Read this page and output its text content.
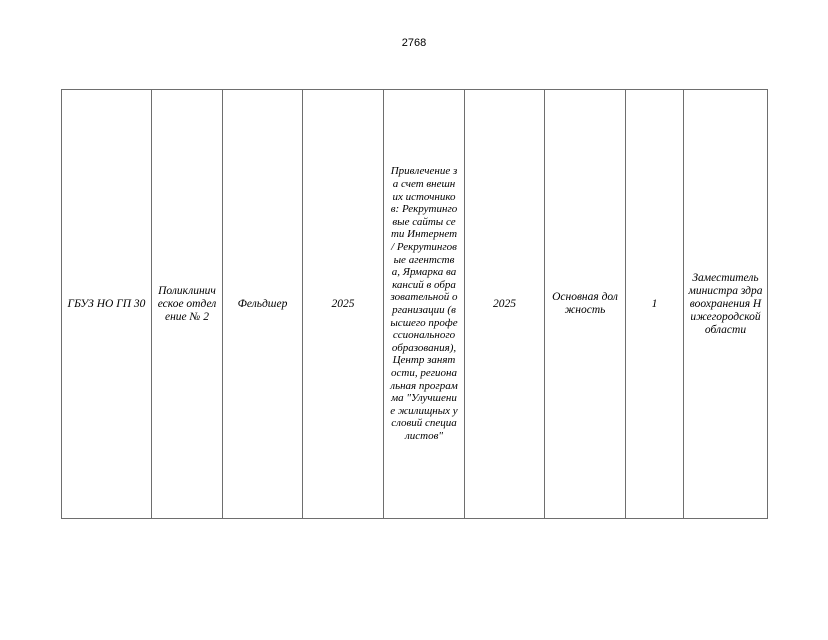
2768
ГБУЗ НО ГП 30	Поликлиническое отделение № 2	Фельдшер	2025	Привлечение за счет внешних источников: Рекрутинговые сайты сети Интернет / Рекрутинговые агентства, Ярмарка вакансий в образовательной организации (высшего профессионального образования), Центр занятости, региональная программа "Улучшение жилищных условий специалистов"	2025	Основная должность	1	Заместитель министра здравоохранения Нижегородской области
